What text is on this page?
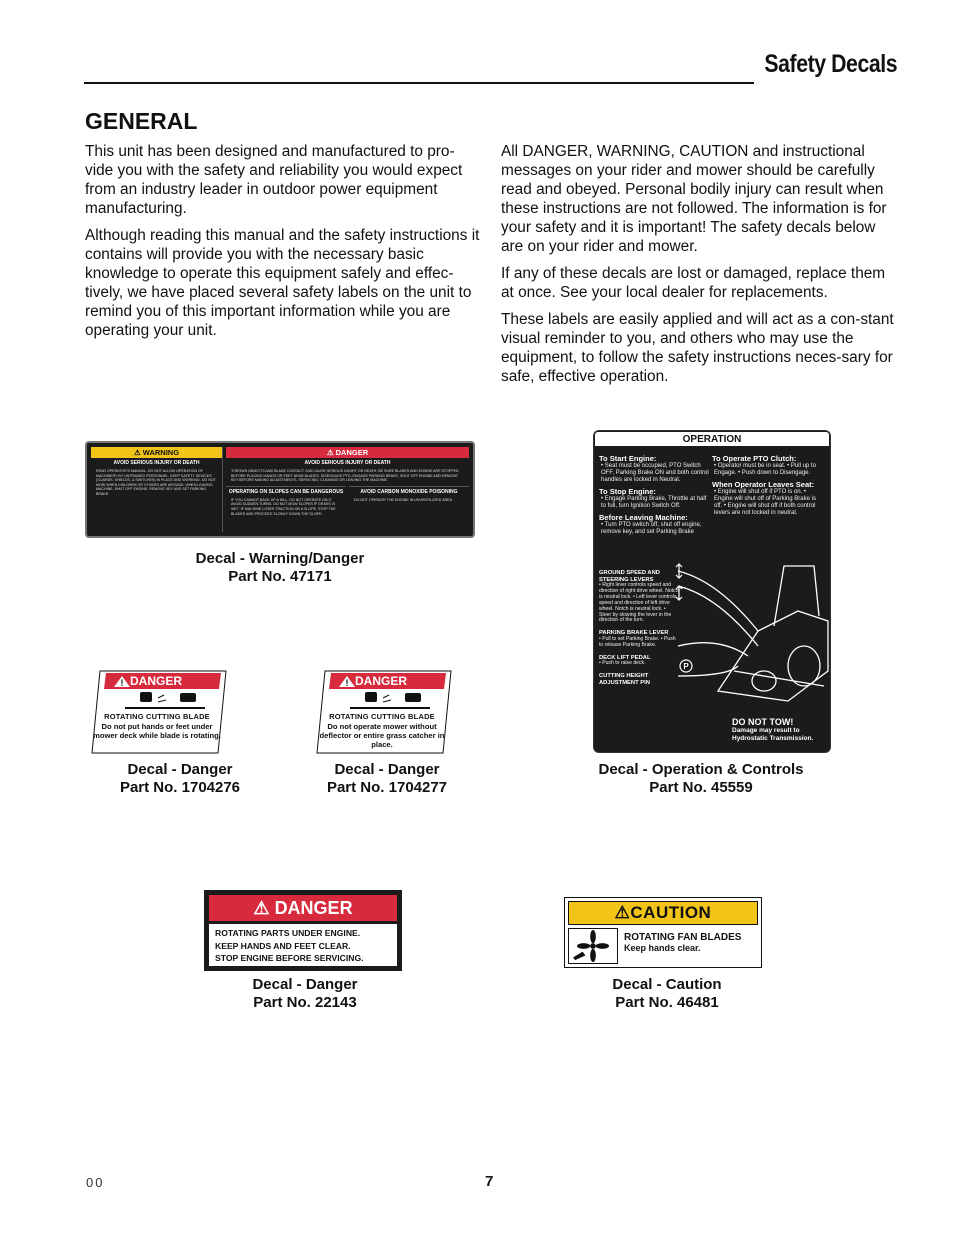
Safety Decals
GENERAL

This unit has been designed and manufactured to pro-vide you with the safety and reliability you would expect from an industry leader in outdoor power equipment manufacturing.

Although reading this manual and the safety instructions it contains will provide you with the necessary basic knowledge to operate this equipment safely and effec-tively, we have placed several safety labels on the unit to remind you of this important information while you are operating your unit.

All DANGER, WARNING, CAUTION and instructional messages on your rider and mower should be carefully read and obeyed. Personal bodily injury can result when these instructions are not followed. The information is for your safety and it is important! The safety decals below are on your rider and mower.

If any of these decals are lost or damaged, replace them at once. See your local dealer for replacements.

These labels are easily applied and will act as a con-stant visual reminder to you, and others who may use the equipment, to follow the safety instructions neces-sary for safe, effective operation.

⚠ WARNING
AVOID SERIOUS INJURY OR DEATH
READ OPERATOR'S MANUAL. DO NOT ALLOW OPERATION OF MACHINERY BY UNTRAINED PERSONNEL. KEEP SAFETY DEVICES (GUARDS, SHIELDS, & SWITCHES) IN PLACE AND WORKING. DO NOT MOW WHEN CHILDREN OR OTHERS ARE AROUND. WHEN LEAVING MACHINE, SHUT OFF ENGINE, REMOVE KEY AND SET PARKING BRAKE.
⚠ DANGER
AVOID SERIOUS INJURY OR DEATH
THROWN OBJECTS AND BLADE CONTACT CAN CAUSE SERIOUS INJURY OR DEATH. BE SURE BLADES AND ENGINE ARE STOPPED BEFORE PLACING HANDS OR FEET NEAR BLADES. DISENGAGE PTO, ENGAGE PARKING BRAKE, SHUT OFF ENGINE AND REMOVE KEY BEFORE MAKING ADJUSTMENTS, SERVICING, CLEANING OR LEAVING THE MACHINE.
OPERATING ON SLOPES CAN BE DANGEROUS
IF YOU CANNOT BACK UP A HILL, DO NOT OPERATE ON IT. AVOID SUDDEN TURNS. DO NOT MOW SLOPES IF GRASS IS WET. IF MACHINE LOSES TRACTION ON A SLOPE, STOP THE BLADES AND PROCEED SLOWLY DOWN THE SLOPE.
AVOID CARBON MONOXIDE POISONING
DO NOT OPERATE THE ENGINE IN UNVENTILATED AREA.
Decal - Warning/Danger
Part No. 47171
! DANGER
ROTATING CUTTING BLADE
Do not put hands or feet under mower deck while blade is rotating.
Decal - Danger
Part No. 1704276
! DANGER
ROTATING CUTTING BLADE
Do not operate mower without deflector or entire grass catcher in place.
Decal - Danger
Part No. 1704277
OPERATION
To Start Engine:
• Seat must be occupied, PTO Switch OFF, Parking Brake ON and both control handles are locked in Neutral.
To Stop Engine:
• Engage Parking Brake, Throttle at half to full, turn Ignition Switch Off.
Before Leaving Machine:
• Turn PTO switch off, shut off engine, remove key, and set Parking Brake
To Operate PTO Clutch:
• Operator must be in seat. • Pull up to Engage. • Push down to Disengage.
When Operator Leaves Seat:
• Engine will shut off if PTO is on. • Engine will shut off of Parking Brake is off. • Engine will shut off if both control levers are not locked in neutral.
GROUND SPEED AND STEERING LEVERS
• Right lever controls speed and direction of right drive wheel. Notch is neutral lock. • Left lever controls speed and direction of left drive wheel. Notch is neutral lock. • Steer by slowing the lever in the direction of the turn.
PARKING BRAKE LEVER
• Pull to set Parking Brake. • Push to release Parking Brake.
DECK LIFT PEDAL
• Push to raise deck.
CUTTING HEIGHT ADJUSTMENT PIN
P
DO NOT TOW!
Damage may result to Hydrostatic Transmission.
Decal - Operation & Controls
Part No. 45559
⚠ DANGER
ROTATING PARTS UNDER ENGINE.
KEEP HANDS AND FEET CLEAR.
STOP ENGINE BEFORE SERVICING.
Decal - Danger
Part No. 22143
⚠ CAUTION
ROTATING FAN BLADES
Keep hands clear.
Decal - Caution
Part No. 46481
00	7
